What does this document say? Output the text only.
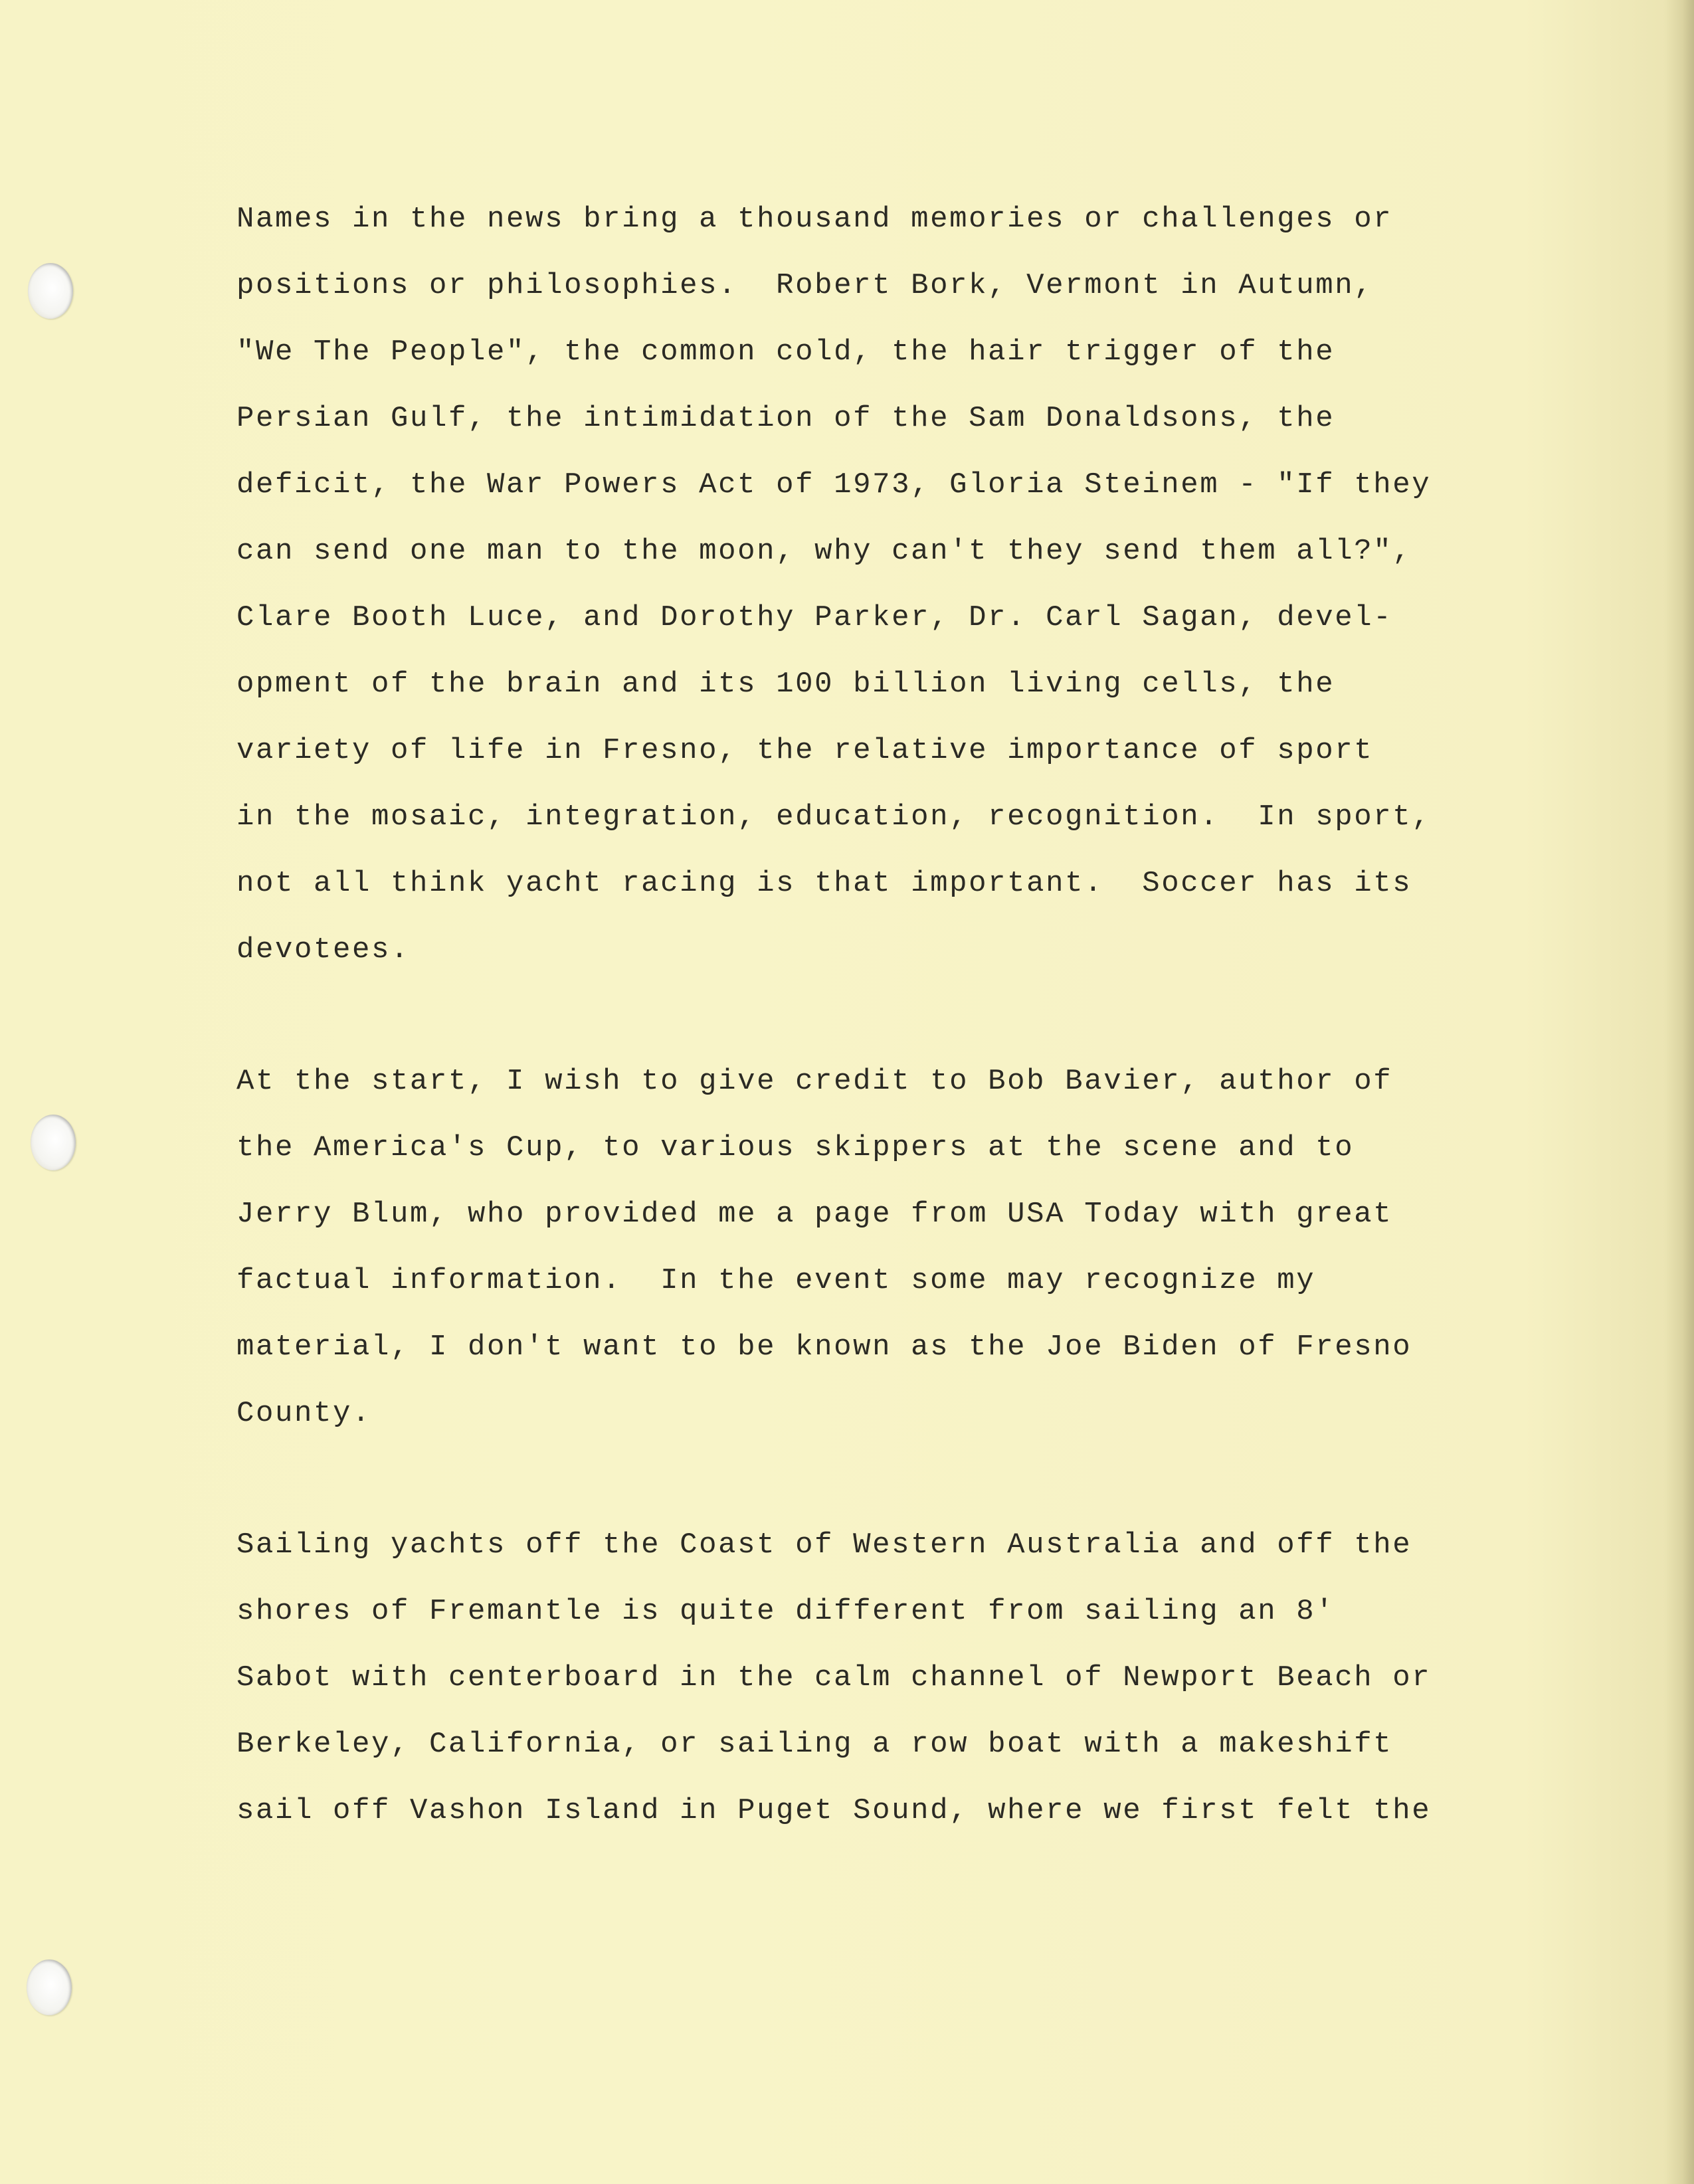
Names in the news bring a thousand memories or challenges or
positions or philosophies.  Robert Bork, Vermont in Autumn,
"We The People", the common cold, the hair trigger of the
Persian Gulf, the intimidation of the Sam Donaldsons, the
deficit, the War Powers Act of 1973, Gloria Steinem - "If they
can send one man to the moon, why can't they send them all?",
Clare Booth Luce, and Dorothy Parker, Dr. Carl Sagan, devel-
opment of the brain and its 100 billion living cells, the
variety of life in Fresno, the relative importance of sport
in the mosaic, integration, education, recognition.  In sport,
not all think yacht racing is that important.  Soccer has its
devotees.
At the start, I wish to give credit to Bob Bavier, author of
the America's Cup, to various skippers at the scene and to
Jerry Blum, who provided me a page from USA Today with great
factual information.  In the event some may recognize my
material, I don't want to be known as the Joe Biden of Fresno
County.
Sailing yachts off the Coast of Western Australia and off the
shores of Fremantle is quite different from sailing an 8'
Sabot with centerboard in the calm channel of Newport Beach or
Berkeley, California, or sailing a row boat with a makeshift
sail off Vashon Island in Puget Sound, where we first felt the
